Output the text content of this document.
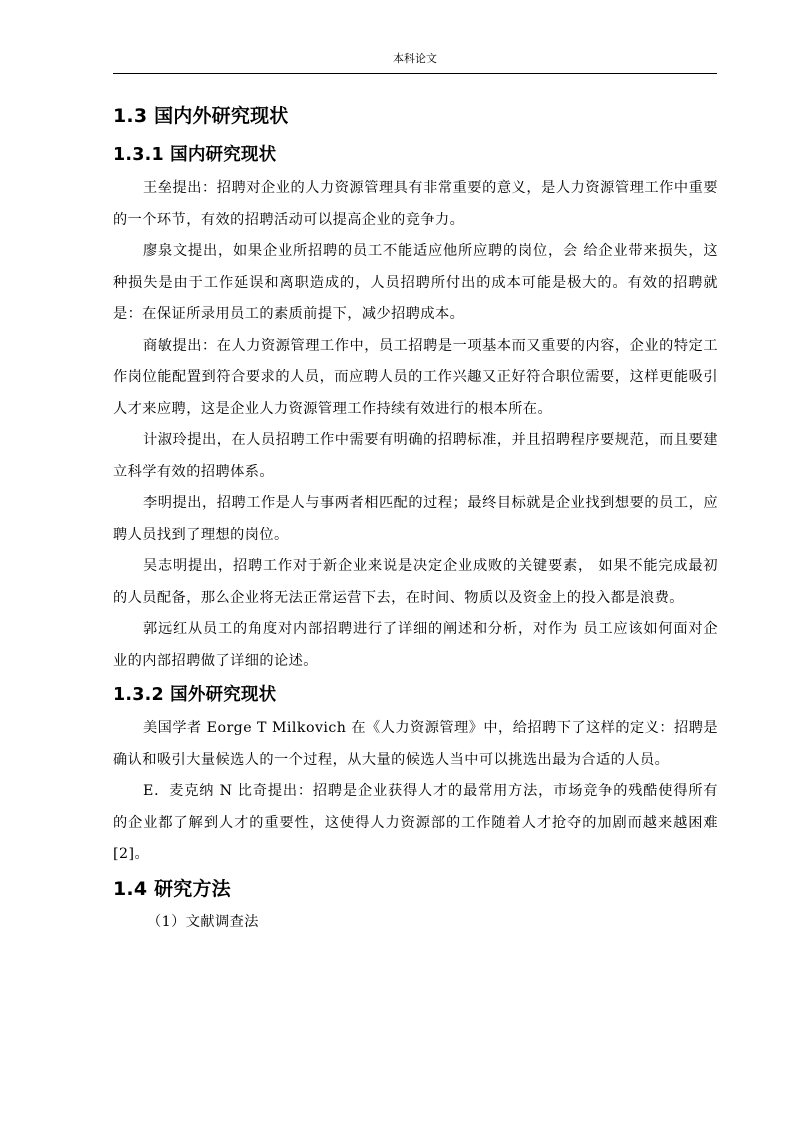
本科论文
1.3 国内外研究现状
1.3.1 国内研究现状

王垒提出：招聘对企业的人力资源管理具有非常重要的意义，是人力资源管理工作中重要的一个环节，有效的招聘活动可以提高企业的竞争力。

廖泉文提出，如果企业所招聘的员工不能适应他所应聘的岗位，会 给企业带来损失，这种损失是由于工作延误和离职造成的，人员招聘所付出的成本可能是极大的。有效的招聘就是：在保证所录用员工的素质前提下，减少招聘成本。

商敏提出：在人力资源管理工作中，员工招聘是一项基本而又重要的内容，企业的特定工作岗位能配置到符合要求的人员，而应聘人员的工作兴趣又正好符合职位需要，这样更能吸引人才来应聘，这是企业人力资源管理工作持续有效进行的根本所在。

计淑玲提出，在人员招聘工作中需要有明确的招聘标准，并且招聘程序要规范，而且要建立科学有效的招聘体系。

李明提出，招聘工作是人与事两者相匹配的过程；最终目标就是企业找到想要的员工，应聘人员找到了理想的岗位。

吴志明提出，招聘工作对于新企业来说是决定企业成败的关键要素， 如果不能完成最初的人员配备，那么企业将无法正常运营下去，在时间、物质以及资金上的投入都是浪费。

郭远红从员工的角度对内部招聘进行了详细的阐述和分析，对作为 员工应该如何面对企业的内部招聘做了详细的论述。

1.3.2 国外研究现状

美国学者 Eorge T Milkovich 在《人力资源管理》中，给招聘下了这样的定义：招聘是确认和吸引大量候选人的一个过程，从大量的候选人当中可以挑选出最为合适的人员。

E．麦克纳 N 比奇提出：招聘是企业获得人才的最常用方法，市场竞争的残酷使得所有的企业都了解到人才的重要性，这使得人力资源部的工作随着人才抢夺的加剧而越来越困难[2]。

1.4 研究方法

（1）文献调查法
